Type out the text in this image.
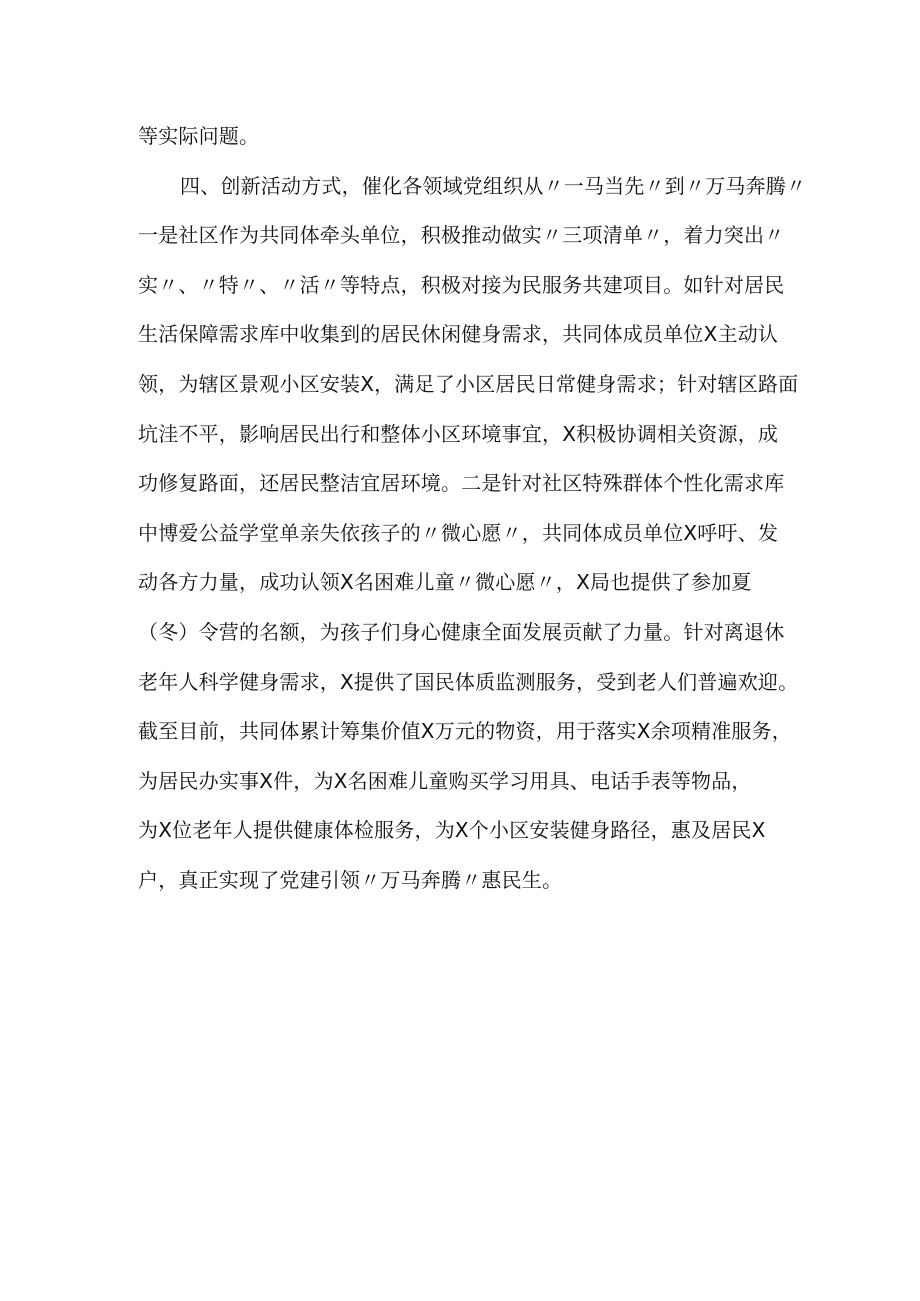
等实际问题。
四、创新活动方式，催化各领域党组织从〃一马当先〃到〃万马奔腾〃
一是社区作为共同体牵头单位，积极推动做实〃三项清单〃，着力突出〃
实〃、〃特〃、〃活〃等特点，积极对接为民服务共建项目。如针对居民
生活保障需求库中收集到的居民休闲健身需求，共同体成员单位X主动认
领，为辖区景观小区安装X，满足了小区居民日常健身需求；针对辖区路面
坑洼不平，影响居民出行和整体小区环境事宜，X积极协调相关资源，成
功修复路面，还居民整洁宜居环境。二是针对社区特殊群体个性化需求库
中博爱公益学堂单亲失依孩子的〃微心愿〃，共同体成员单位X呼吁、发
动各方力量，成功认领X名困难儿童〃微心愿〃，X局也提供了参加夏
（冬）令营的名额，为孩子们身心健康全面发展贡献了力量。针对离退休
老年人科学健身需求，X提供了国民体质监测服务，受到老人们普遍欢迎。
截至目前，共同体累计筹集价值X万元的物资，用于落实X余项精准服务，
为居民办实事X件，为X名困难儿童购买学习用具、电话手表等物品，
为X位老年人提供健康体检服务，为X个小区安装健身路径，惠及居民X
户，真正实现了党建引领〃万马奔腾〃惠民生。
